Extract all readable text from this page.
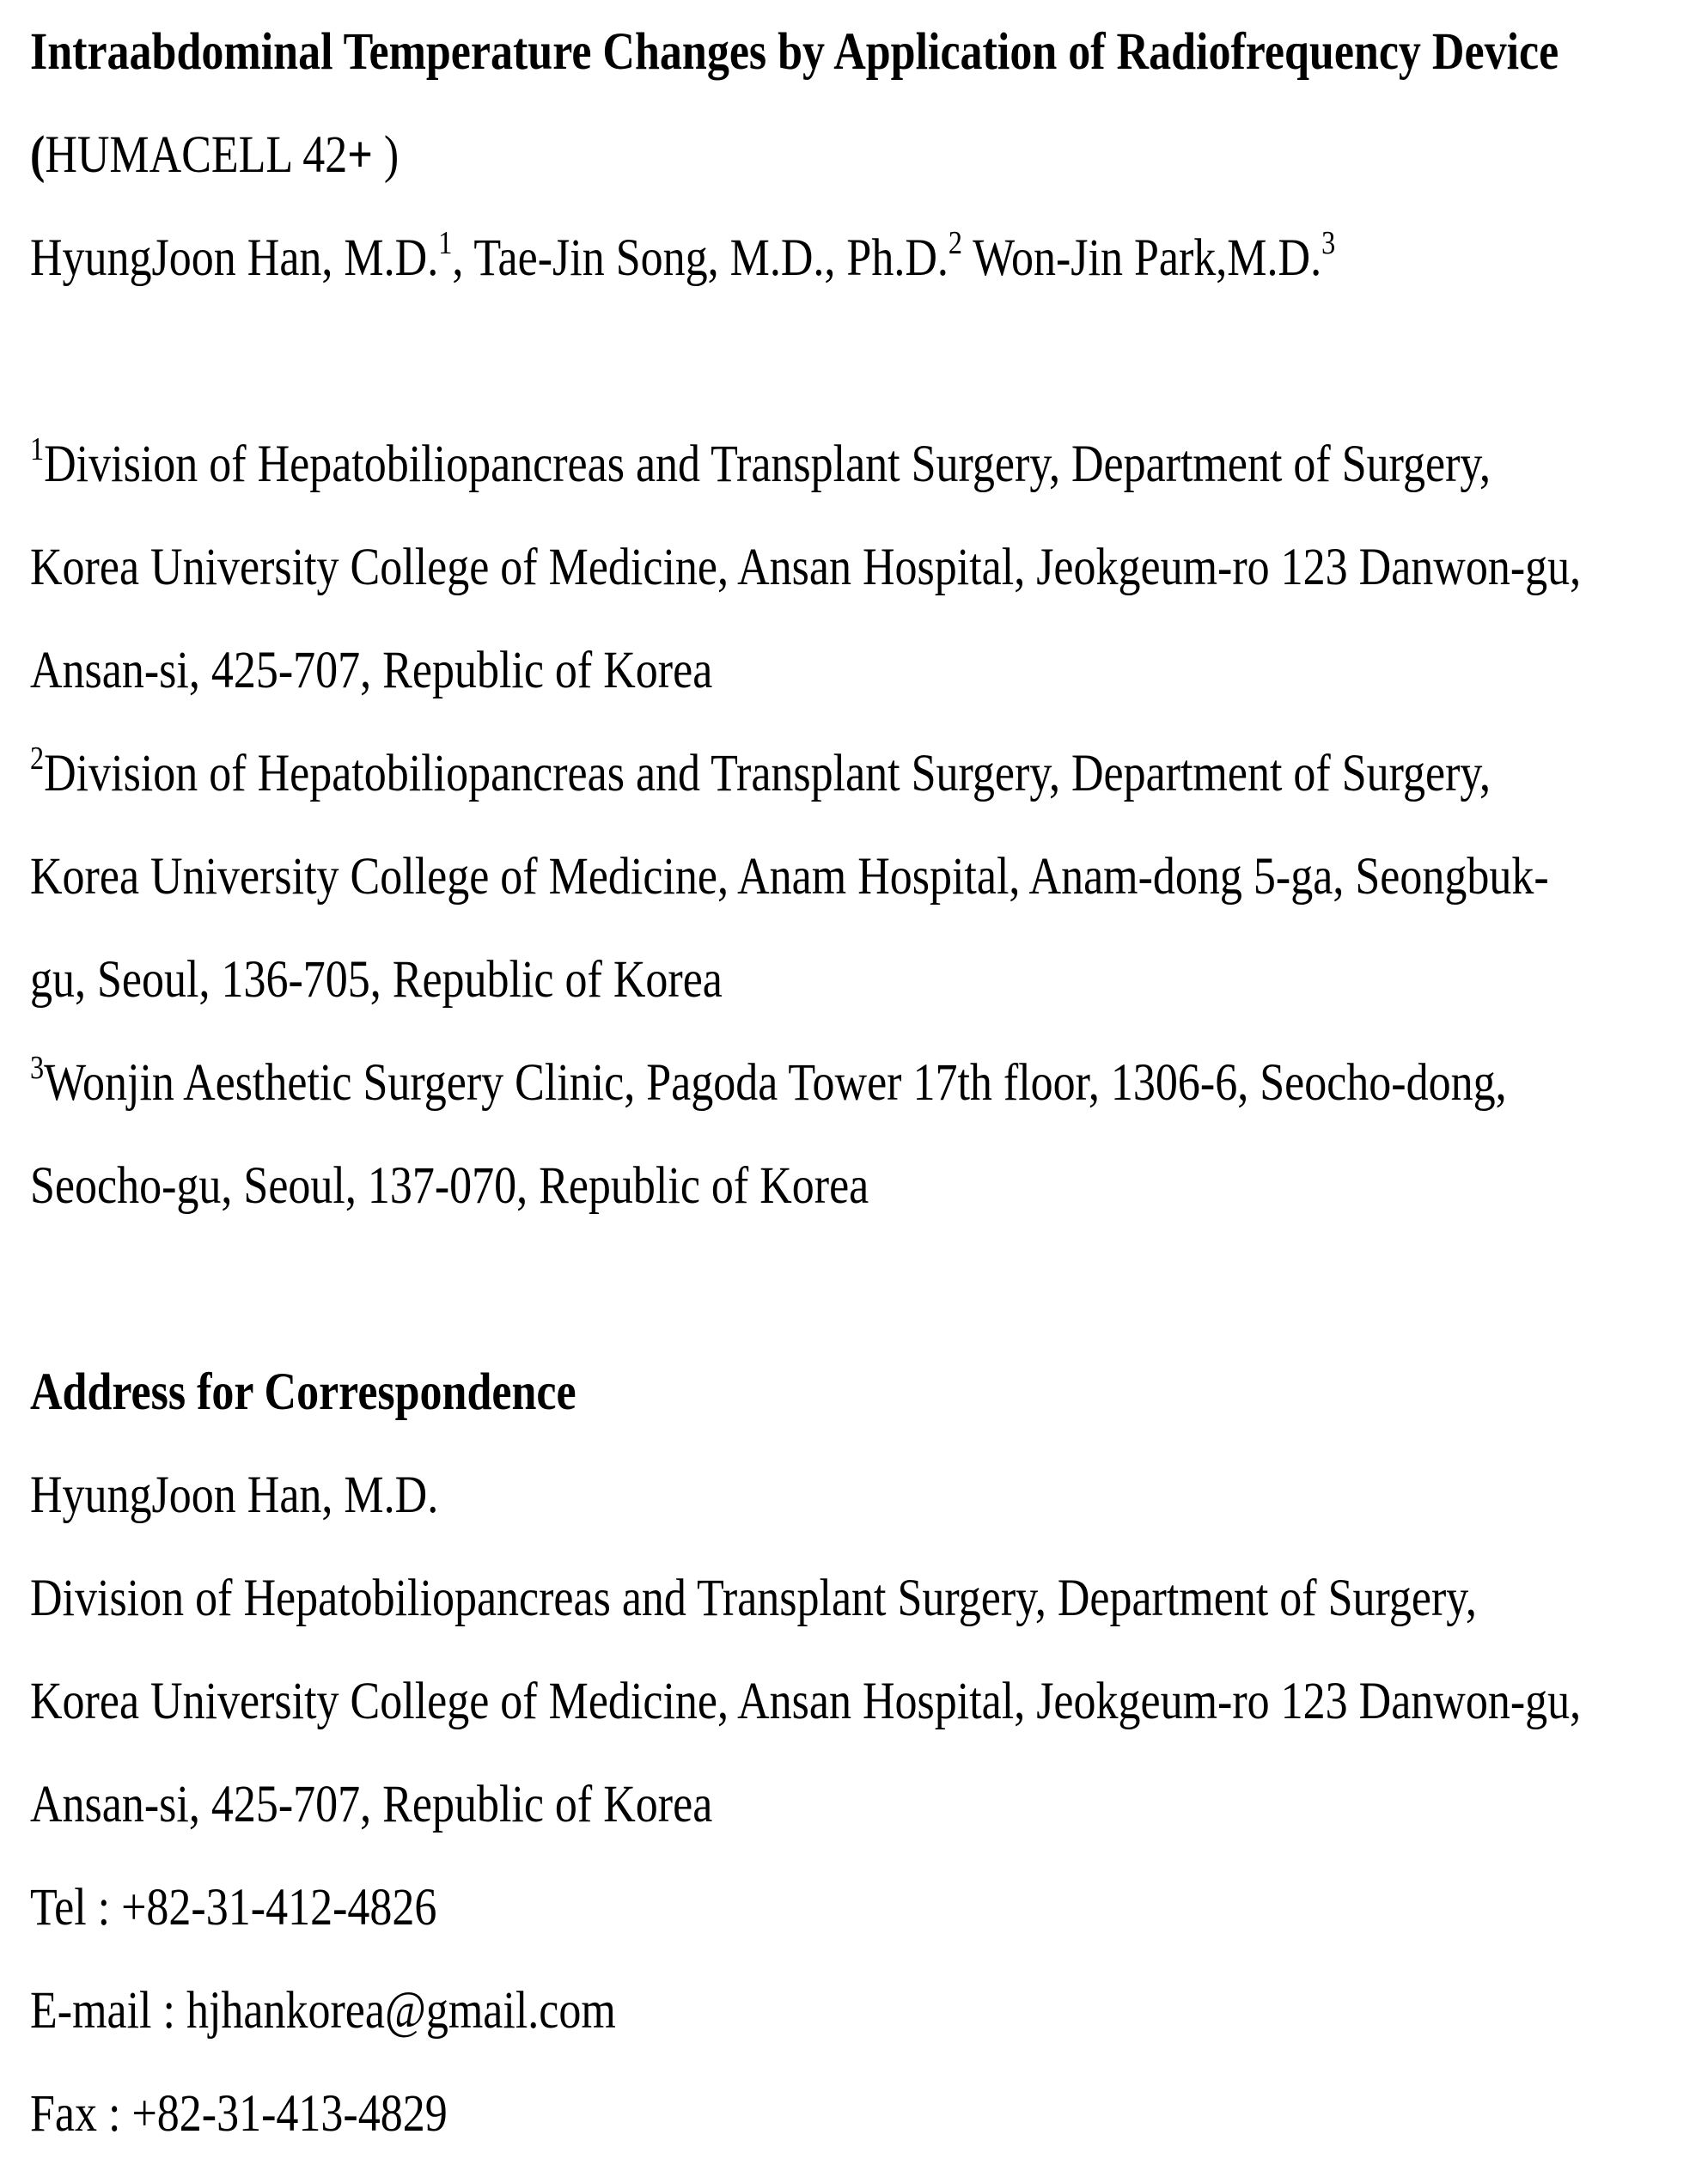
Intraabdominal Temperature Changes by Application of Radiofrequency Device
(HUMACELL 42+ )
HyungJoon Han, M.D.$^1$, Tae-Jin Song, M.D., Ph.D.$^2$ Won-Jin Park,M.D.$^3$
$^1$Division of Hepatobiliopancreas and Transplant Surgery, Department of Surgery,
Korea University College of Medicine, Ansan Hospital, Jeokgeum-ro 123 Danwon-gu,
Ansan-si, 425-707, Republic of Korea
$^2$Division of Hepatobiliopancreas and Transplant Surgery, Department of Surgery,
Korea University College of Medicine, Anam Hospital, Anam-dong 5-ga, Seongbuk-
gu, Seoul, 136-705, Republic of Korea
$^3$Wonjin Aesthetic Surgery Clinic, Pagoda Tower 17th floor, 1306-6, Seocho-dong,
Seocho-gu, Seoul, 137-070, Republic of Korea
Address for Correspondence
HyungJoon Han, M.D.
Division of Hepatobiliopancreas and Transplant Surgery, Department of Surgery,
Korea University College of Medicine, Ansan Hospital, Jeokgeum-ro 123 Danwon-gu,
Ansan-si, 425-707, Republic of Korea
Tel : +82-31-412-4826
E-mail : hjhankorea@gmail.com
Fax : +82-31-413-4829
